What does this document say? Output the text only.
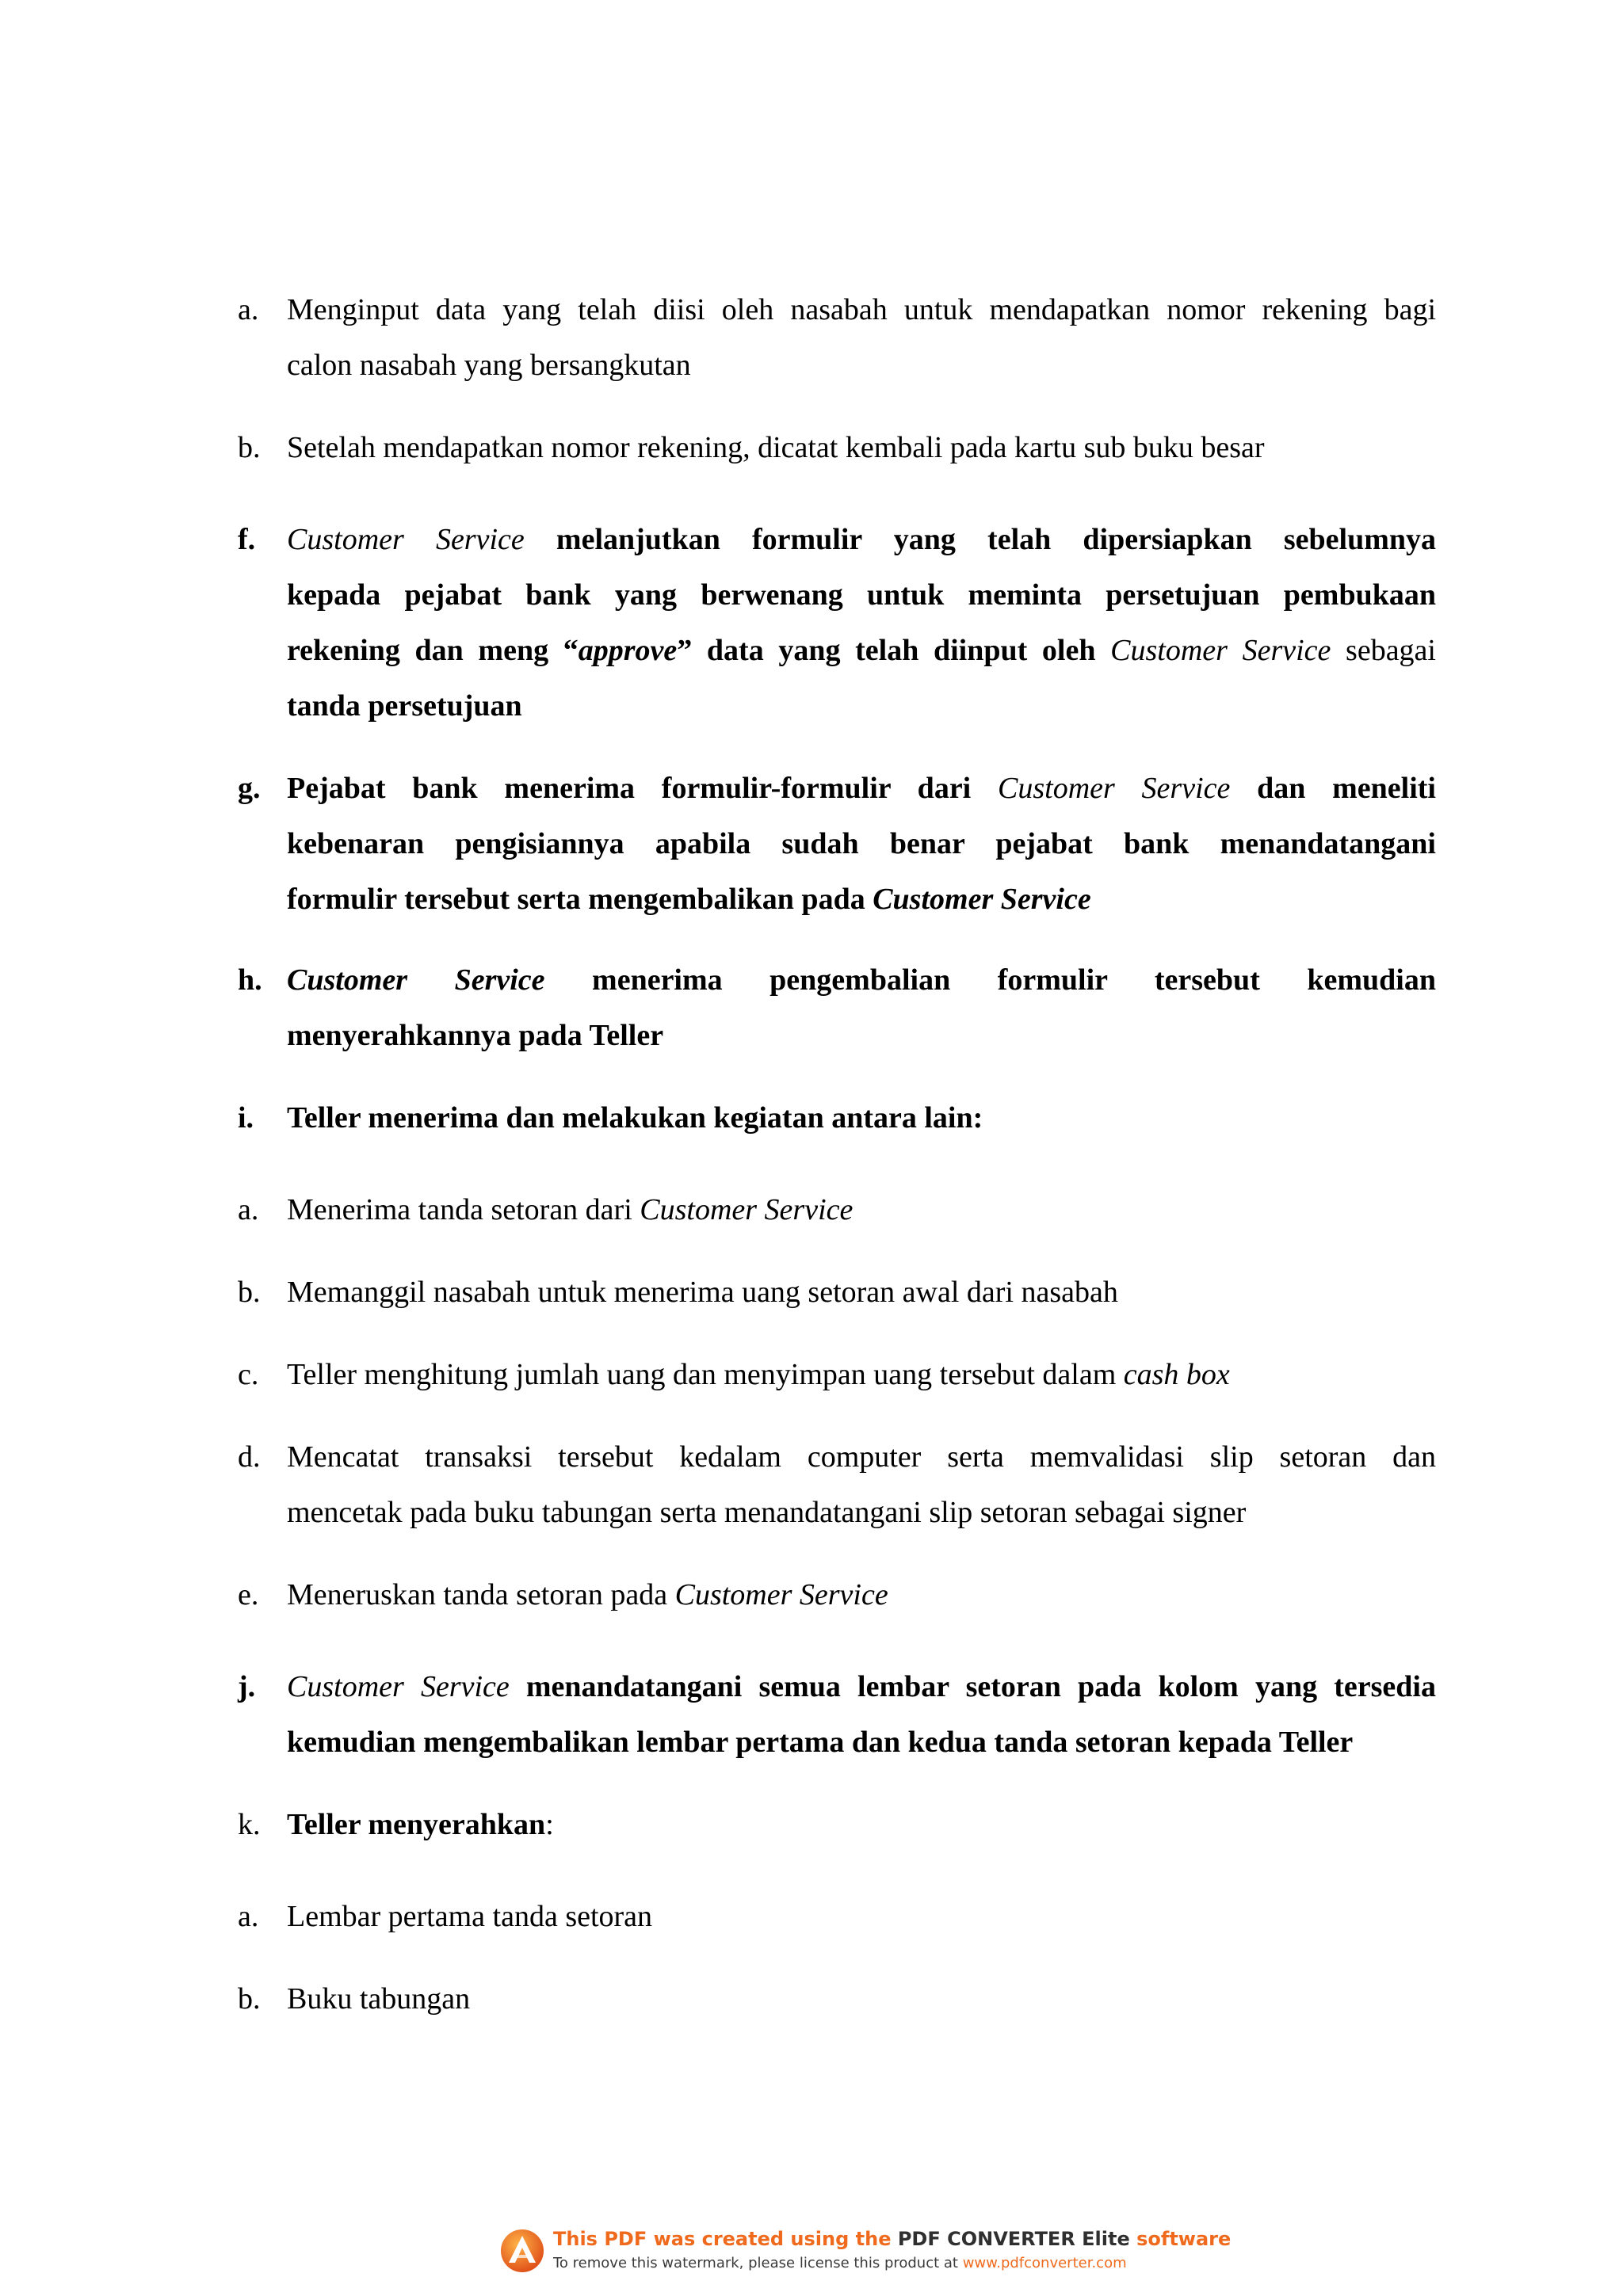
a. Menginput data yang telah diisi oleh nasabah untuk mendapatkan nomor rekening bagi
calon nasabah yang bersangkutan
b. Setelah mendapatkan nomor rekening, dicatat kembali pada kartu sub buku besar
f. Customer Service melanjutkan formulir yang telah dipersiapkan sebelumnya
kepada pejabat bank yang berwenang untuk meminta persetujuan pembukaan
rekening dan meng “approve” data yang telah diinput oleh Customer Service sebagai
tanda persetujuan
g. Pejabat bank menerima formulir-formulir dari Customer Service dan meneliti
kebenaran pengisiannya apabila sudah benar pejabat bank menandatangani
formulir tersebut serta mengembalikan pada Customer Service
h. Customer Service menerima pengembalian formulir tersebut kemudian
menyerahkannya pada Teller
i. Teller menerima dan melakukan kegiatan antara lain:
a. Menerima tanda setoran dari Customer Service
b. Memanggil nasabah untuk menerima uang setoran awal dari nasabah
c. Teller menghitung jumlah uang dan menyimpan uang tersebut dalam cash box
d. Mencatat transaksi tersebut kedalam computer serta memvalidasi slip setoran dan
mencetak pada buku tabungan serta menandatangani slip setoran sebagai signer
e. Meneruskan tanda setoran pada Customer Service
j. Customer Service menandatangani semua lembar setoran pada kolom yang tersedia
kemudian mengembalikan lembar pertama dan kedua tanda setoran kepada Teller
k. Teller menyerahkan:
a. Lembar pertama tanda setoran
b. Buku tabungan
This PDF was created using the PDF CONVERTER Elite software
To remove this watermark, please license this product at www.pdfconverter.com
